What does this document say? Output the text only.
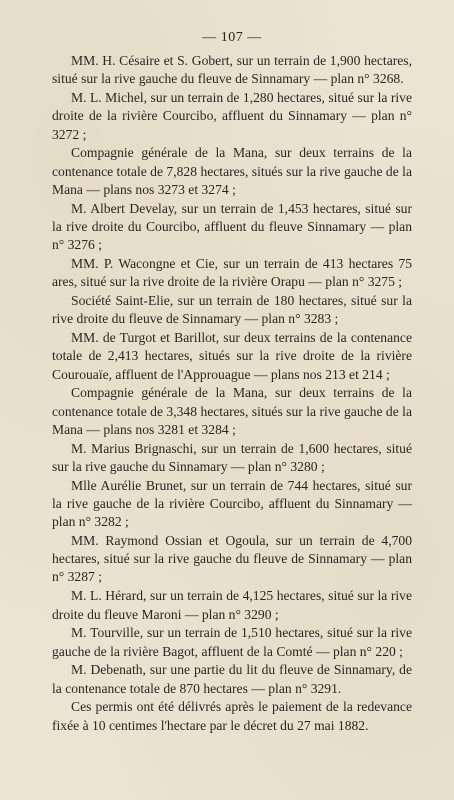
— 107 —
MM. H. Césaire et S. Gobert, sur un terrain de 1,900 hectares, situé sur la rive gauche du fleuve de Sinnamary — plan n° 3268.
M. L. Michel, sur un terrain de 1,280 hectares, situé sur la rive droite de la rivière Courcibo, affluent du Sinnamary — plan n° 3272 ;
Compagnie générale de la Mana, sur deux terrains de la contenance totale de 7,828 hectares, situés sur la rive gauche de la Mana — plans nos 3273 et 3274 ;
M. Albert Develay, sur un terrain de 1,453 hectares, situé sur la rive droite du Courcibo, affluent du fleuve Sinnamary — plan n° 3276 ;
MM. P. Wacongne et Cie, sur un terrain de 413 hectares 75 ares, situé sur la rive droite de la rivière Orapu — plan n° 3275 ;
Société Saint-Elie, sur un terrain de 180 hectares, situé sur la rive droite du fleuve de Sinnamary — plan n° 3283 ;
MM. de Turgot et Barillot, sur deux terrains de la contenance totale de 2,413 hectares, situés sur la rive droite de la rivière Courouaïe, affluent de l'Approuague — plans nos 213 et 214 ;
Compagnie générale de la Mana, sur deux terrains de la contenance totale de 3,348 hectares, situés sur la rive gauche de la Mana — plans nos 3281 et 3284 ;
M. Marius Brignaschi, sur un terrain de 1,600 hectares, situé sur la rive gauche du Sinnamary — plan n° 3280 ;
Mlle Aurélie Brunet, sur un terrain de 744 hectares, situé sur la rive gauche de la rivière Courcibo, affluent du Sinnamary — plan n° 3282 ;
MM. Raymond Ossian et Ogoula, sur un terrain de 4,700 hectares, situé sur la rive gauche du fleuve de Sinnamary — plan n° 3287 ;
M. L. Hérard, sur un terrain de 4,125 hectares, situé sur la rive droite du fleuve Maroni — plan n° 3290 ;
M. Tourville, sur un terrain de 1,510 hectares, situé sur la rive gauche de la rivière Bagot, affluent de la Comté — plan n° 220 ;
M. Debenath, sur une partie du lit du fleuve de Sinnamary, de la contenance totale de 870 hectares — plan n° 3291.
Ces permis ont été délivrés après le paiement de la redevance fixée à 10 centimes l'hectare par le décret du 27 mai 1882.
